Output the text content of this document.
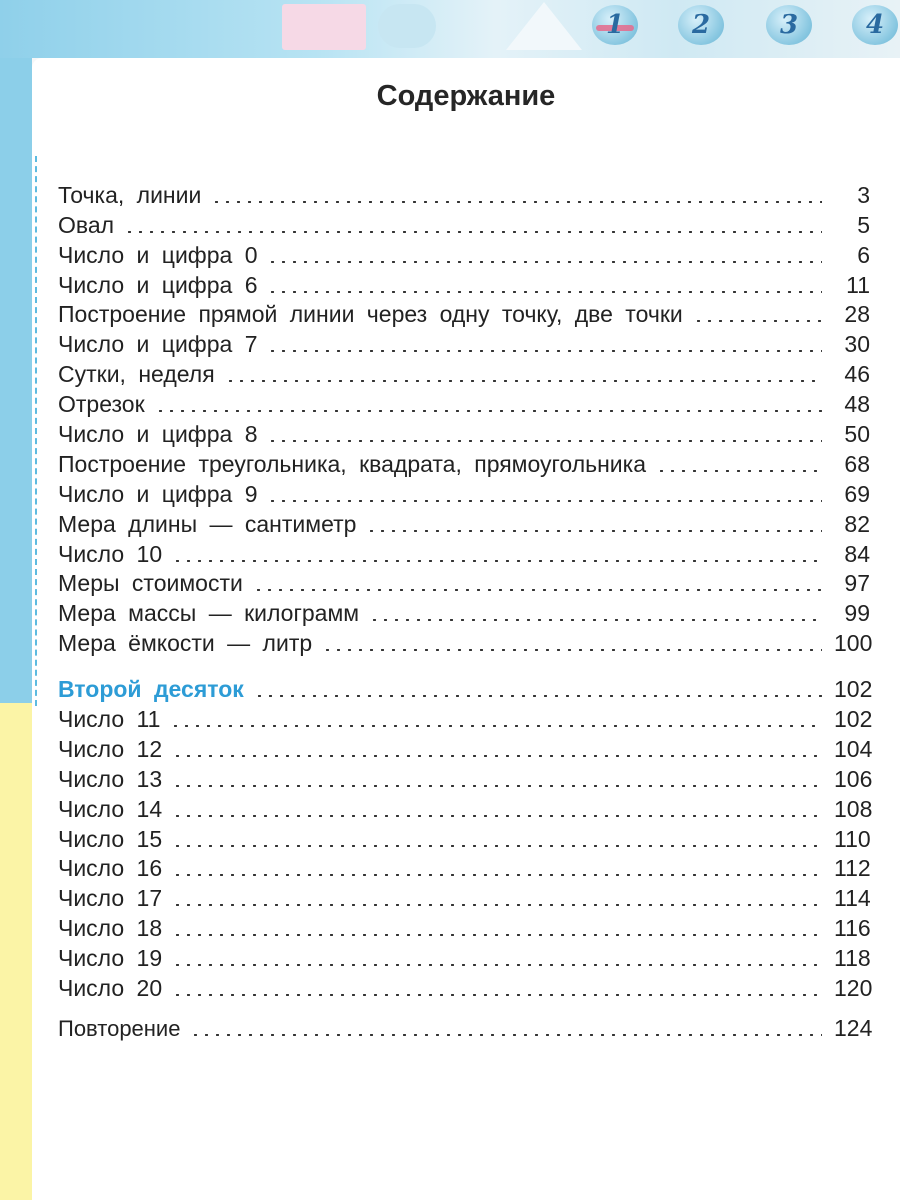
1	2	3	4
Содержание
Точка, линии	3
Овал	5
Число и цифра 0	6
Число и цифра 6	11
Построение прямой линии через одну точку, две точки	28
Число и цифра 7	30
Сутки, неделя	46
Отрезок	48
Число и цифра 8	50
Построение треугольника, квадрата, прямоугольника	68
Число и цифра 9	69
Мера длины — сантиметр	82
Число 10	84
Меры стоимости	97
Мера массы — килограмм	99
Мера ёмкости — литр	100
Второй десяток	102
Число 11	102
Число 12	104
Число 13	106
Число 14	108
Число 15	110
Число 16	112
Число 17	114
Число 18	116
Число 19	118
Число 20	120
Повторение	124
